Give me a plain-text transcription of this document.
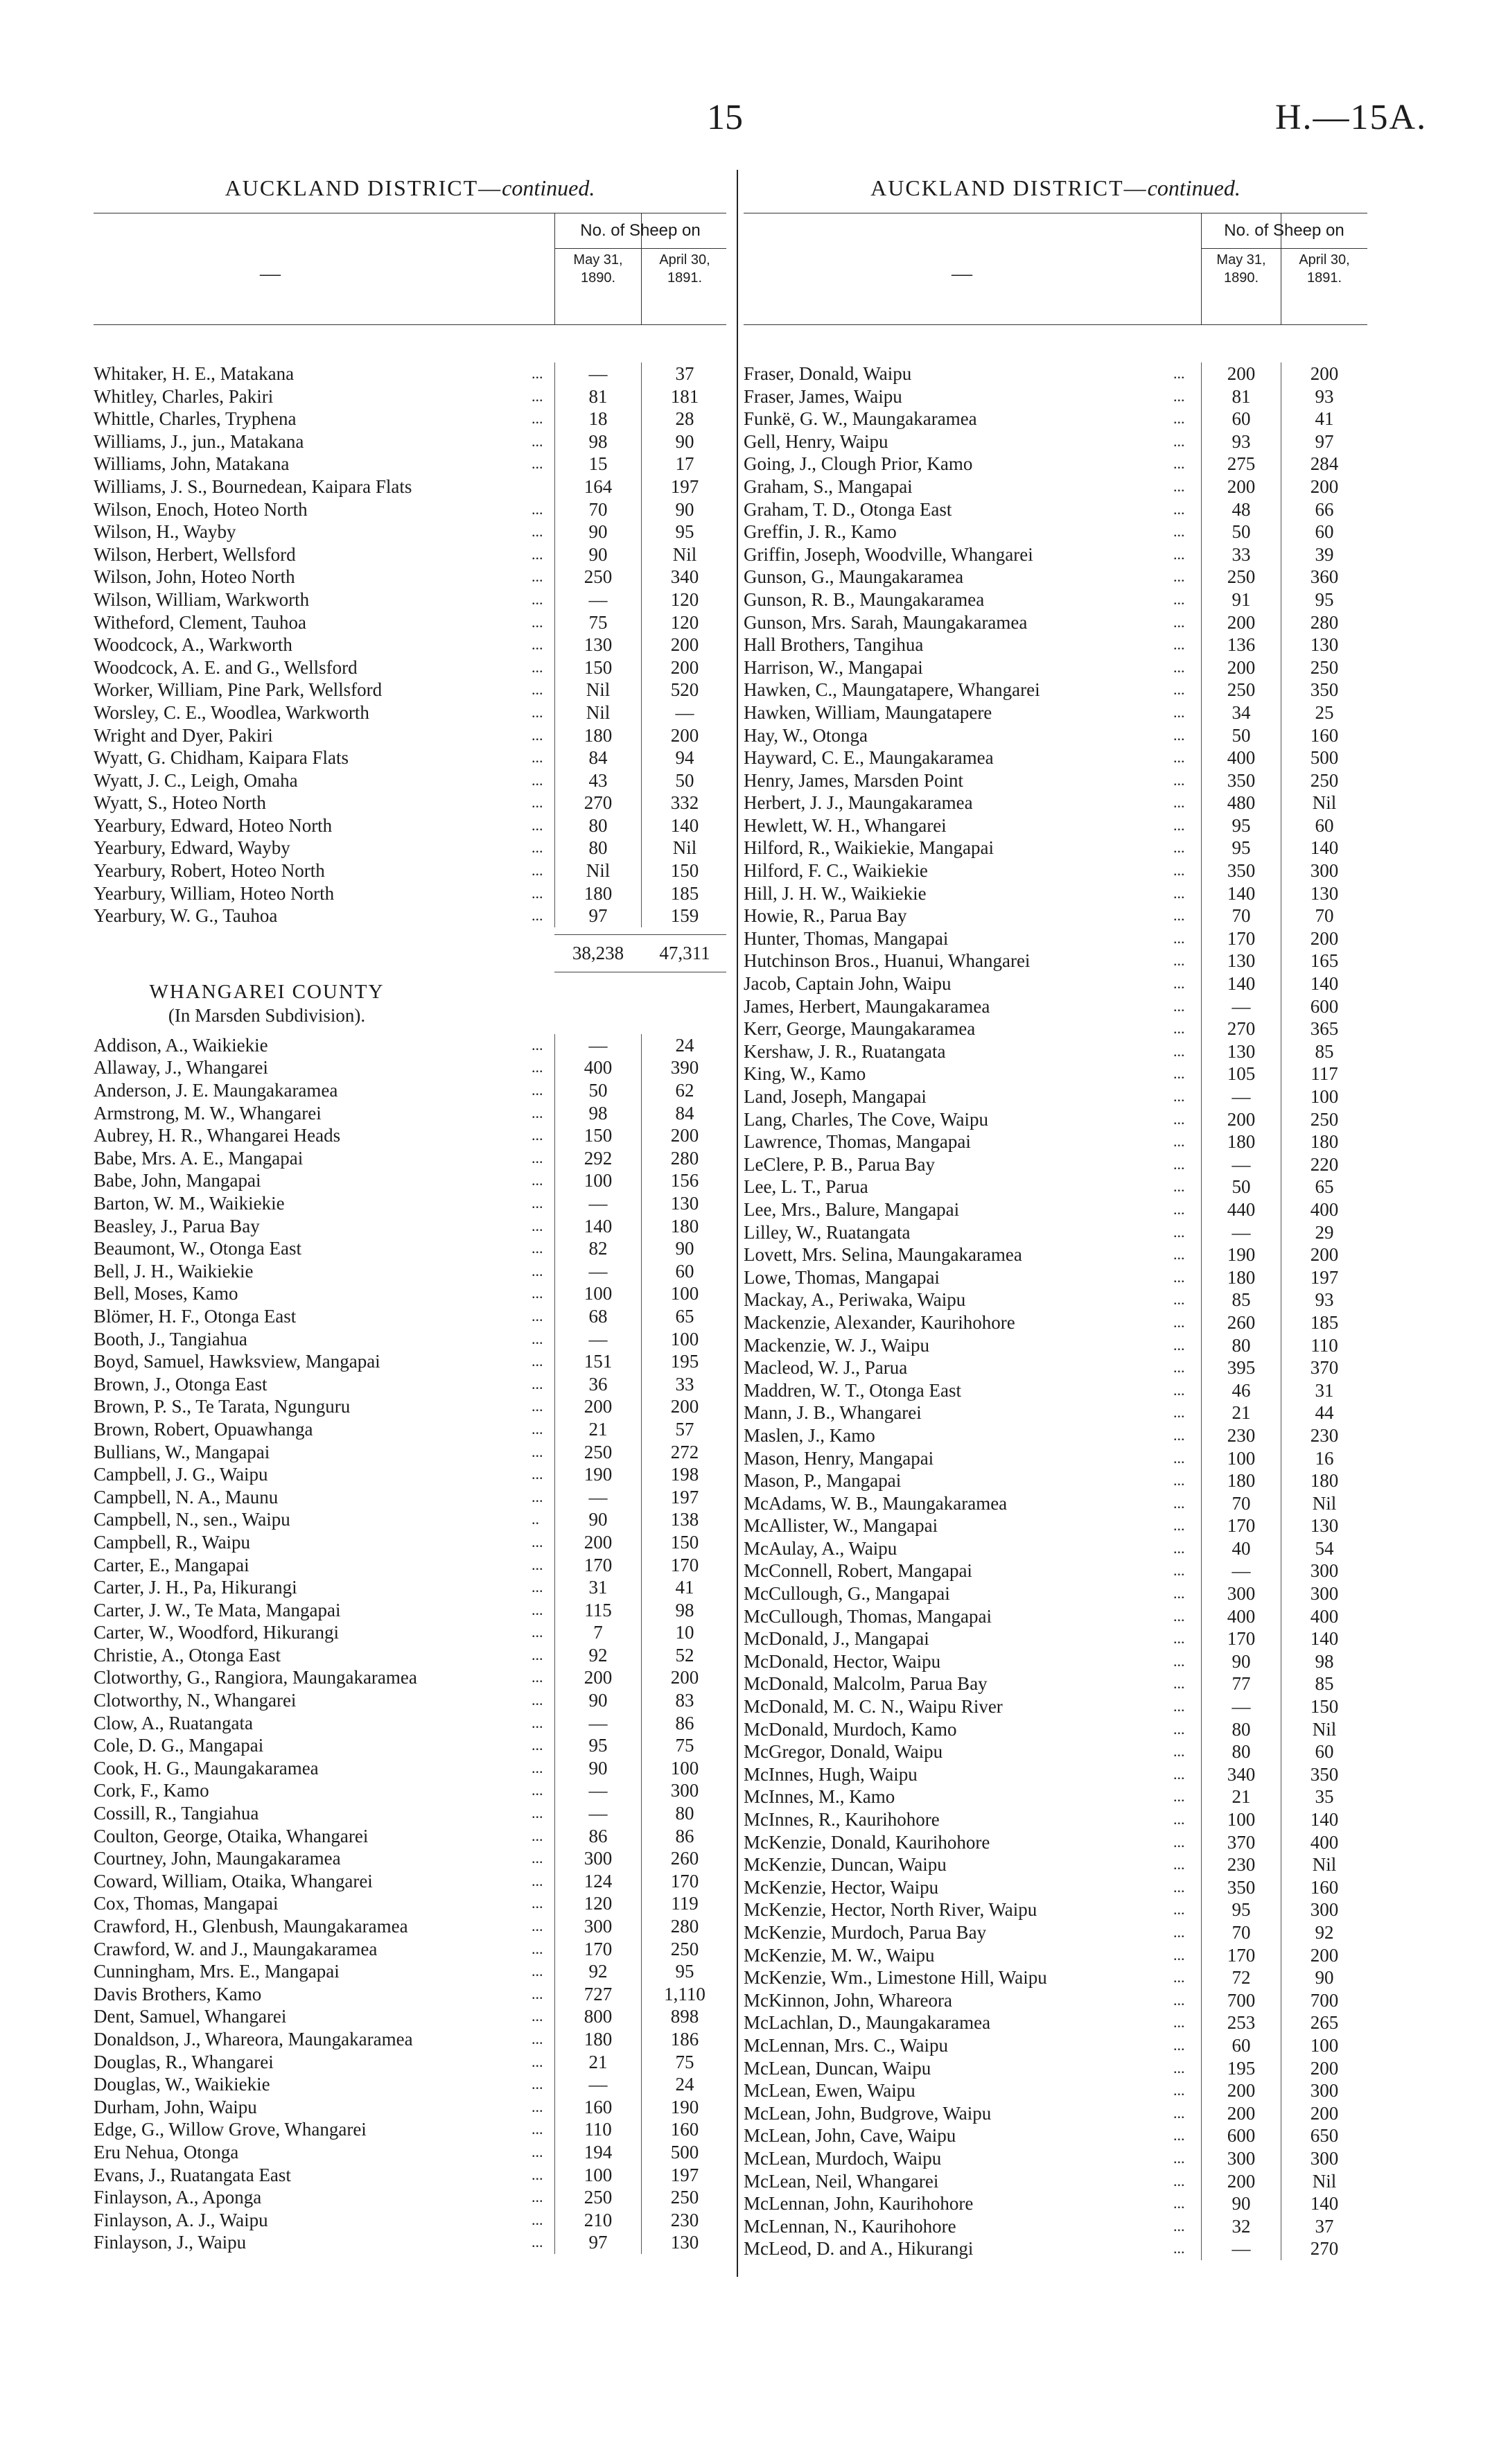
15	H.—15A.
AUCKLAND DISTRICT—continued.
—
No. of Sheep on
May 31, 1890.
April 30, 1891.
Whitaker, H. E., Matakana	...	—	37
Whitley, Charles, Pakiri	...	81	181
Whittle, Charles, Tryphena	...	18	28
Williams, J., jun., Matakana	...	98	90
Williams, John, Matakana	...	15	17
Williams, J. S., Bournedean, Kaipara Flats	164	197
Wilson, Enoch, Hoteo North	...	70	90
Wilson, H., Wayby	...	90	95
Wilson, Herbert, Wellsford	...	90	Nil
Wilson, John, Hoteo North	...	250	340
Wilson, William, Warkworth	...	—	120
Witheford, Clement, Tauhoa	...	75	120
Woodcock, A., Warkworth	...	130	200
Woodcock, A. E. and G., Wellsford	...	150	200
Worker, William, Pine Park, Wellsford	...	Nil	520
Worsley, C. E., Woodlea, Warkworth	...	Nil	—
Wright and Dyer, Pakiri	...	180	200
Wyatt, G. Chidham, Kaipara Flats	...	84	94
Wyatt, J. C., Leigh, Omaha	...	43	50
Wyatt, S., Hoteo North	...	270	332
Yearbury, Edward, Hoteo North	...	80	140
Yearbury, Edward, Wayby	...	80	Nil
Yearbury, Robert, Hoteo North	...	Nil	150
Yearbury, William, Hoteo North	...	180	185
Yearbury, W. G., Tauhoa	...	97	159
38,238	47,311
WHANGAREI COUNTY
(In Marsden Subdivision).
Addison, A., Waikiekie	...	—	24
Allaway, J., Whangarei	...	400	390
Anderson, J. E. Maungakaramea	...	50	62
Armstrong, M. W., Whangarei	...	98	84
Aubrey, H. R., Whangarei Heads	...	150	200
Babe, Mrs. A. E., Mangapai	...	292	280
Babe, John, Mangapai	...	100	156
Barton, W. M., Waikiekie	...	—	130
Beasley, J., Parua Bay	...	140	180
Beaumont, W., Otonga East	...	82	90
Bell, J. H., Waikiekie	...	—	60
Bell, Moses, Kamo	...	100	100
Blömer, H. F., Otonga East	...	68	65
Booth, J., Tangiahua	...	—	100
Boyd, Samuel, Hawksview, Mangapai	...	151	195
Brown, J., Otonga East	...	36	33
Brown, P. S., Te Tarata, Ngunguru	...	200	200
Brown, Robert, Opuawhanga	...	21	57
Bullians, W., Mangapai	...	250	272
Campbell, J. G., Waipu	...	190	198
Campbell, N. A., Maunu	...	—	197
Campbell, N., sen., Waipu	..	90	138
Campbell, R., Waipu	...	200	150
Carter, E., Mangapai	...	170	170
Carter, J. H., Pa, Hikurangi	...	31	41
Carter, J. W., Te Mata, Mangapai	...	115	98
Carter, W., Woodford, Hikurangi	...	7	10
Christie, A., Otonga East	...	92	52
Clotworthy, G., Rangiora, Maungakaramea	...	200	200
Clotworthy, N., Whangarei	...	90	83
Clow, A., Ruatangata	...	—	86
Cole, D. G., Mangapai	...	95	75
Cook, H. G., Maungakaramea	...	90	100
Cork, F., Kamo	...	—	300
Cossill, R., Tangiahua	...	—	80
Coulton, George, Otaika, Whangarei	...	86	86
Courtney, John, Maungakaramea	...	300	260
Coward, William, Otaika, Whangarei	...	124	170
Cox, Thomas, Mangapai	...	120	119
Crawford, H., Glenbush, Maungakaramea	...	300	280
Crawford, W. and J., Maungakaramea	...	170	250
Cunningham, Mrs. E., Mangapai	...	92	95
Davis Brothers, Kamo	...	727	1,110
Dent, Samuel, Whangarei	...	800	898
Donaldson, J., Whareora, Maungakaramea	...	180	186
Douglas, R., Whangarei	...	21	75
Douglas, W., Waikiekie	...	—	24
Durham, John, Waipu	...	160	190
Edge, G., Willow Grove, Whangarei	...	110	160
Eru Nehua, Otonga	...	194	500
Evans, J., Ruatangata East	...	100	197
Finlayson, A., Aponga	...	250	250
Finlayson, A. J., Waipu	...	210	230
Finlayson, J., Waipu	...	97	130
AUCKLAND DISTRICT—continued.
—
No. of Sheep on
May 31, 1890.
April 30, 1891.
Fraser, Donald, Waipu	...	200	200
Fraser, James, Waipu	...	81	93
Funkë, G. W., Maungakaramea	...	60	41
Gell, Henry, Waipu	...	93	97
Going, J., Clough Prior, Kamo	...	275	284
Graham, S., Mangapai	...	200	200
Graham, T. D., Otonga East	...	48	66
Greffin, J. R., Kamo	...	50	60
Griffin, Joseph, Woodville, Whangarei	...	33	39
Gunson, G., Maungakaramea	...	250	360
Gunson, R. B., Maungakaramea	...	91	95
Gunson, Mrs. Sarah, Maungakaramea	...	200	280
Hall Brothers, Tangihua	...	136	130
Harrison, W., Mangapai	...	200	250
Hawken, C., Maungatapere, Whangarei	...	250	350
Hawken, William, Maungatapere	...	34	25
Hay, W., Otonga	...	50	160
Hayward, C. E., Maungakaramea	...	400	500
Henry, James, Marsden Point	...	350	250
Herbert, J. J., Maungakaramea	...	480	Nil
Hewlett, W. H., Whangarei	...	95	60
Hilford, R., Waikiekie, Mangapai	...	95	140
Hilford, F. C., Waikiekie	...	350	300
Hill, J. H. W., Waikiekie	...	140	130
Howie, R., Parua Bay	...	70	70
Hunter, Thomas, Mangapai	...	170	200
Hutchinson Bros., Huanui, Whangarei	...	130	165
Jacob, Captain John, Waipu	...	140	140
James, Herbert, Maungakaramea	...	—	600
Kerr, George, Maungakaramea	...	270	365
Kershaw, J. R., Ruatangata	...	130	85
King, W., Kamo	...	105	117
Land, Joseph, Mangapai	...	—	100
Lang, Charles, The Cove, Waipu	...	200	250
Lawrence, Thomas, Mangapai	...	180	180
LeClere, P. B., Parua Bay	...	—	220
Lee, L. T., Parua	...	50	65
Lee, Mrs., Balure, Mangapai	...	440	400
Lilley, W., Ruatangata	...	—	29
Lovett, Mrs. Selina, Maungakaramea	...	190	200
Lowe, Thomas, Mangapai	...	180	197
Mackay, A., Periwaka, Waipu	...	85	93
Mackenzie, Alexander, Kaurihohore	...	260	185
Mackenzie, W. J., Waipu	...	80	110
Macleod, W. J., Parua	...	395	370
Maddren, W. T., Otonga East	...	46	31
Mann, J. B., Whangarei	...	21	44
Maslen, J., Kamo	...	230	230
Mason, Henry, Mangapai	...	100	16
Mason, P., Mangapai	...	180	180
McAdams, W. B., Maungakaramea	...	70	Nil
McAllister, W., Mangapai	...	170	130
McAulay, A., Waipu	...	40	54
McConnell, Robert, Mangapai	...	—	300
McCullough, G., Mangapai	...	300	300
McCullough, Thomas, Mangapai	...	400	400
McDonald, J., Mangapai	...	170	140
McDonald, Hector, Waipu	...	90	98
McDonald, Malcolm, Parua Bay	...	77	85
McDonald, M. C. N., Waipu River	...	—	150
McDonald, Murdoch, Kamo	...	80	Nil
McGregor, Donald, Waipu	...	80	60
McInnes, Hugh, Waipu	...	340	350
McInnes, M., Kamo	...	21	35
McInnes, R., Kaurihohore	...	100	140
McKenzie, Donald, Kaurihohore	...	370	400
McKenzie, Duncan, Waipu	...	230	Nil
McKenzie, Hector, Waipu	...	350	160
McKenzie, Hector, North River, Waipu	...	95	300
McKenzie, Murdoch, Parua Bay	...	70	92
McKenzie, M. W., Waipu	...	170	200
McKenzie, Wm., Limestone Hill, Waipu	...	72	90
McKinnon, John, Whareora	...	700	700
McLachlan, D., Maungakaramea	...	253	265
McLennan, Mrs. C., Waipu	...	60	100
McLean, Duncan, Waipu	...	195	200
McLean, Ewen, Waipu	...	200	300
McLean, John, Budgrove, Waipu	...	200	200
McLean, John, Cave, Waipu	...	600	650
McLean, Murdoch, Waipu	...	300	300
McLean, Neil, Whangarei	...	200	Nil
McLennan, John, Kaurihohore	...	90	140
McLennan, N., Kaurihohore	...	32	37
McLeod, D. and A., Hikurangi	...	—	270
